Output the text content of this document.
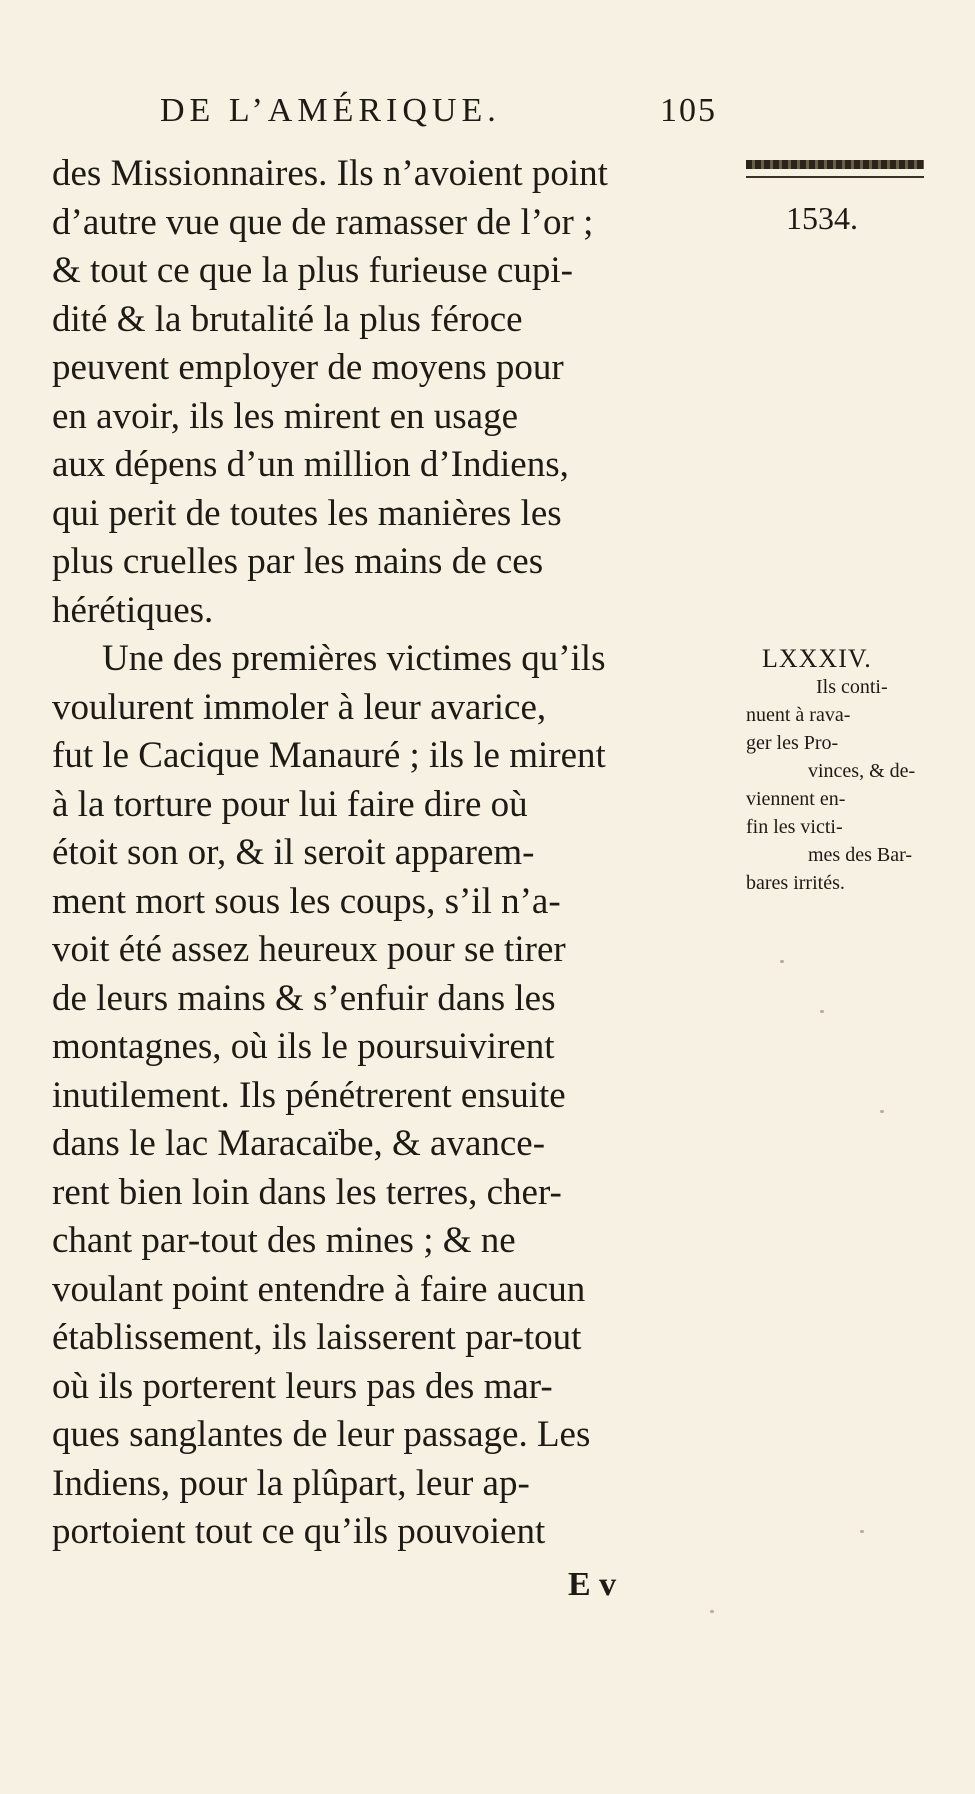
DE L’AMÉRIQUE.	105
1534.
des Missionnaires. Ils n’avoient point
d’autre vue que de ramasser de l’or ;
& tout ce que la plus furieuse cupi-
dité & la brutalité la plus féroce
peuvent employer de moyens pour
en avoir, ils les mirent en usage
aux dépens d’un million d’Indiens,
qui perit de toutes les manières les
plus cruelles par les mains de ces
hérétiques.
Une des premières victimes qu’ils
voulurent immoler à leur avarice,
fut le Cacique Manauré ; ils le mirent
à la torture pour lui faire dire où
étoit son or, & il seroit apparem-
ment mort sous les coups, s’il n’a-
voit été assez heureux pour se tirer
de leurs mains & s’enfuir dans les
montagnes, où ils le poursuivirent
inutilement. Ils pénétrerent ensuite
dans le lac Maracaïbe, & avance-
rent bien loin dans les terres, cher-
chant par-tout des mines ; & ne
voulant point entendre à faire aucun
établissement, ils laisserent par-tout
où ils porterent leurs pas des mar-
ques sanglantes de leur passage. Les
Indiens, pour la plûpart, leur ap-
portoient tout ce qu’ils pouvoient
LXXXIV.
Ils conti-
nuent à rava-
ger les Pro-
vinces, & de-
viennent en-
fin les victi-
mes des Bar-
bares irrités.
E v
